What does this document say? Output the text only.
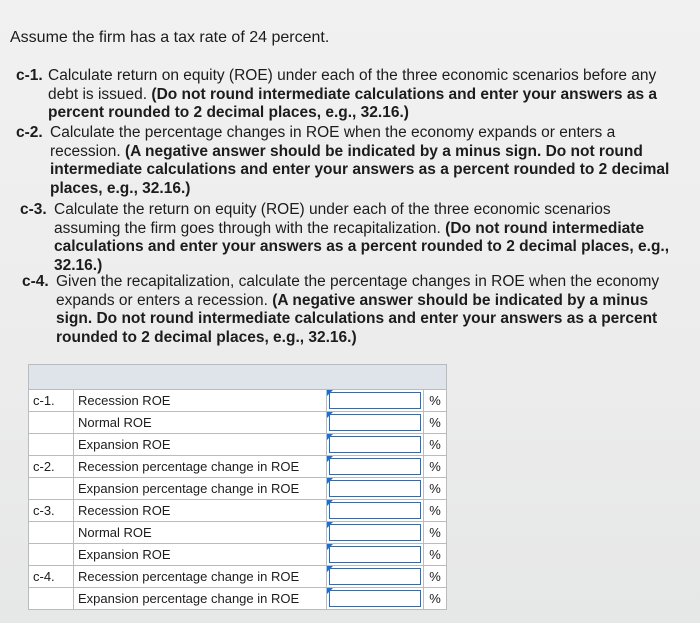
Assume the firm has a tax rate of 24 percent.
c-1. Calculate return on equity (ROE) under each of the three economic scenarios before any debt is issued. (Do not round intermediate calculations and enter your answers as a percent rounded to 2 decimal places, e.g., 32.16.)
c-2. Calculate the percentage changes in ROE when the economy expands or enters a recession. (A negative answer should be indicated by a minus sign. Do not round intermediate calculations and enter your answers as a percent rounded to 2 decimal places, e.g., 32.16.)
c-3. Calculate the return on equity (ROE) under each of the three economic scenarios assuming the firm goes through with the recapitalization. (Do not round intermediate calculations and enter your answers as a percent rounded to 2 decimal places, e.g., 32.16.)
c-4. Given the recapitalization, calculate the percentage changes in ROE when the economy expands or enters a recession. (A negative answer should be indicated by a minus sign. Do not round intermediate calculations and enter your answers as a percent rounded to 2 decimal places, e.g., 32.16.)

c-1.	Recession ROE		%
	Normal ROE		%
	Expansion ROE		%
c-2.	Recession percentage change in ROE		%
	Expansion percentage change in ROE		%
c-3.	Recession ROE		%
	Normal ROE		%
	Expansion ROE		%
c-4.	Recession percentage change in ROE		%
	Expansion percentage change in ROE		%
